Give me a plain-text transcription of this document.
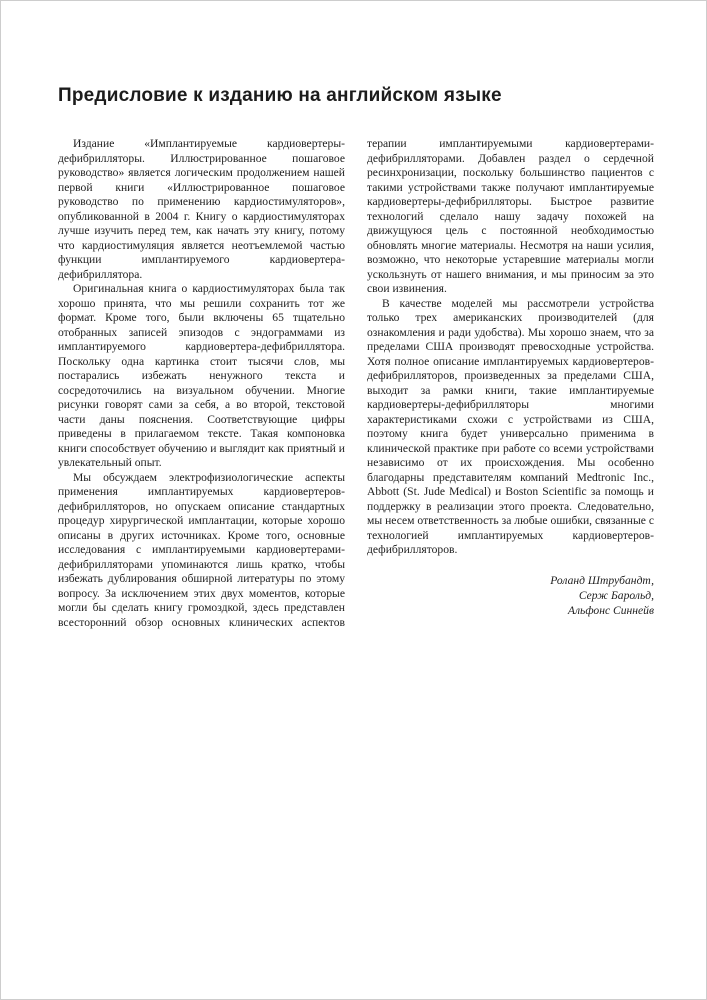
Предисловие к изданию на английском языке

Издание «Имплантируемые кардиовертеры-дефибрилляторы. Иллюстрированное пошаговое руководство» является логическим продолжением нашей первой книги «Иллюстрированное пошаговое руководство по применению кардиостимуляторов», опубликованной в 2004 г. Книгу о кардиостимуляторах лучше изучить перед тем, как начать эту книгу, потому что кардиостимуляция является неотъемлемой частью функции имплантируемого кардиовертера-дефибриллятора.

Оригинальная книга о кардиостимуляторах была так хорошо принята, что мы решили сохранить тот же формат. Кроме того, были включены 65 тщательно отобранных записей эпизодов с эндограммами из имплантируемого кардиовертера-дефибриллятора. Поскольку одна картинка стоит тысячи слов, мы постарались избежать ненужного текста и сосредоточились на визуальном обучении. Многие рисунки говорят сами за себя, а во второй, текстовой части даны пояснения. Соответствующие цифры приведены в прилагаемом тексте. Такая компоновка книги способствует обучению и выглядит как приятный и увлекательный опыт.

Мы обсуждаем электрофизиологические аспекты применения имплантируемых кардиовертеров-дефибрилляторов, но опускаем описание стандартных процедур хирургической имплантации, которые хорошо описаны в других источниках. Кроме того, основные исследования с имплантируемыми кардиовертерами-дефибрилляторами упоминаются лишь кратко, чтобы избежать дублирования обширной литературы по этому вопросу. За исключением этих двух моментов, которые могли бы сделать книгу громоздкой, здесь представлен всесторонний обзор основных клинических аспектов терапии имплантируемыми кардиовертерами-дефибрилляторами. Добавлен раздел о сердечной ресинхронизации, поскольку большинство пациентов с такими устройствами также получают имплантируемые кардиовертеры-дефибрилляторы. Быстрое развитие технологий сделало нашу задачу похожей на движущуюся цель с постоянной необходимостью обновлять многие материалы. Несмотря на наши усилия, возможно, что некоторые устаревшие материалы могли ускользнуть от нашего внимания, и мы приносим за это свои извинения.

В качестве моделей мы рассмотрели устройства только трех американских производителей (для ознакомления и ради удобства). Мы хорошо знаем, что за пределами США производят превосходные устройства. Хотя полное описание имплантируемых кардиовертеров-дефибрилляторов, произведенных за пределами США, выходит за рамки книги, такие имплантируемые кардиовертеры-дефибрилляторы многими характеристиками схожи с устройствами из США, поэтому книга будет универсально применима в клинической практике при работе со всеми устройствами независимо от их происхождения. Мы особенно благодарны представителям компаний Medtronic Inc., Abbott (St. Jude Medical) и Boston Scientific за помощь и поддержку в реализации этого проекта. Следовательно, мы несем ответственность за любые ошибки, связанные с технологией имплантируемых кардиовертеров-дефибрилляторов.

Роланд Штрубандт,
Серж Барольд,
Альфонс Синнейв
